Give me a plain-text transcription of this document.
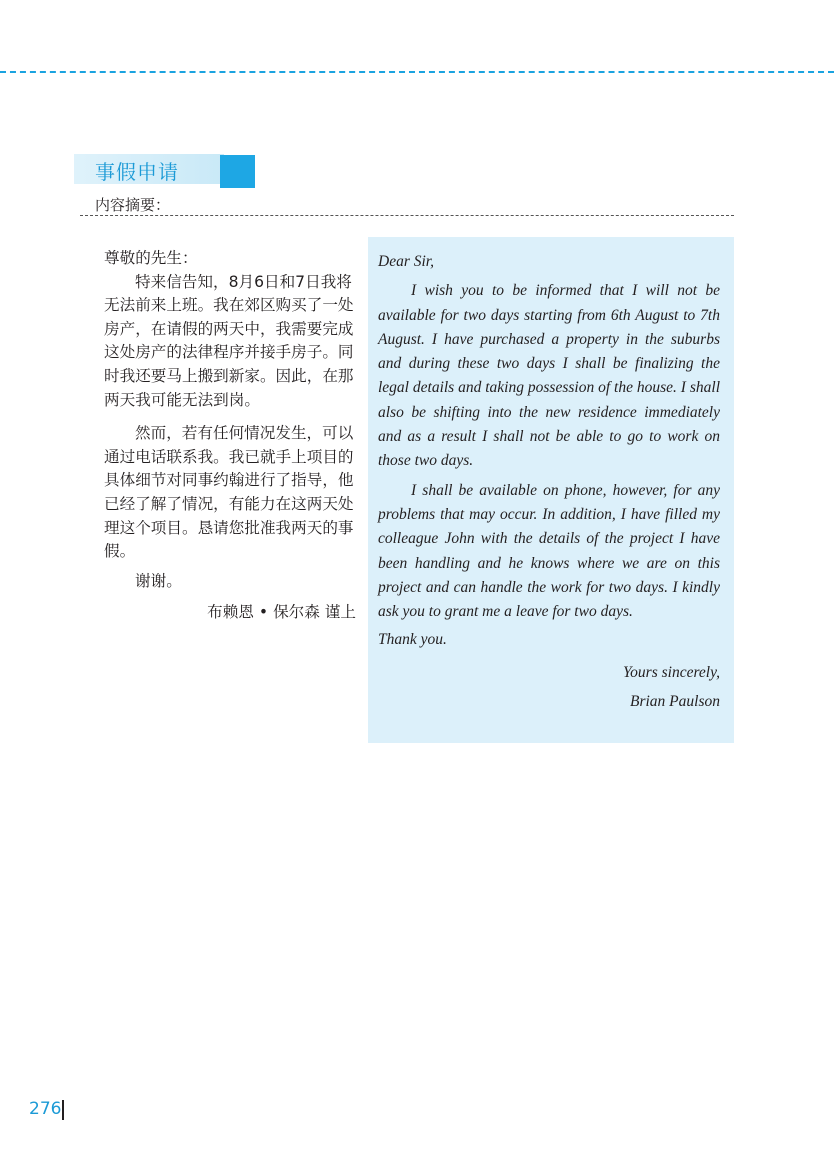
事假申请
内容摘要：

尊敬的先生：

特来信告知，8月6日和7日我将无法前来上班。我在郊区购买了一处房产，在请假的两天中，我需要完成这处房产的法律程序并接手房子。同时我还要马上搬到新家。因此，在那两天我可能无法到岗。

然而，若有任何情况发生，可以通过电话联系我。我已就手上项目的具体细节对同事约翰进行了指导，他已经了解了情况，有能力在这两天处理这个项目。恳请您批准我两天的事假。

谢谢。

布赖恩 • 保尔森 谨上

Dear Sir,

I wish you to be informed that I will not be available for two days starting from 6th August to 7th August. I have purchased a property in the suburbs and during these two days I shall be finalizing the legal details and taking possession of the house. I shall also be shifting into the new residence immediately and as a result I shall not be able to go to work on those two days.

I shall be available on phone, however, for any problems that may occur. In addition, I have filled my colleague John with the details of the project I have been handling and he knows where we are on this project and can handle the work for two days. I kindly ask you to grant me a leave for two days.

Thank you.

Yours sincerely,

Brian Paulson

276
